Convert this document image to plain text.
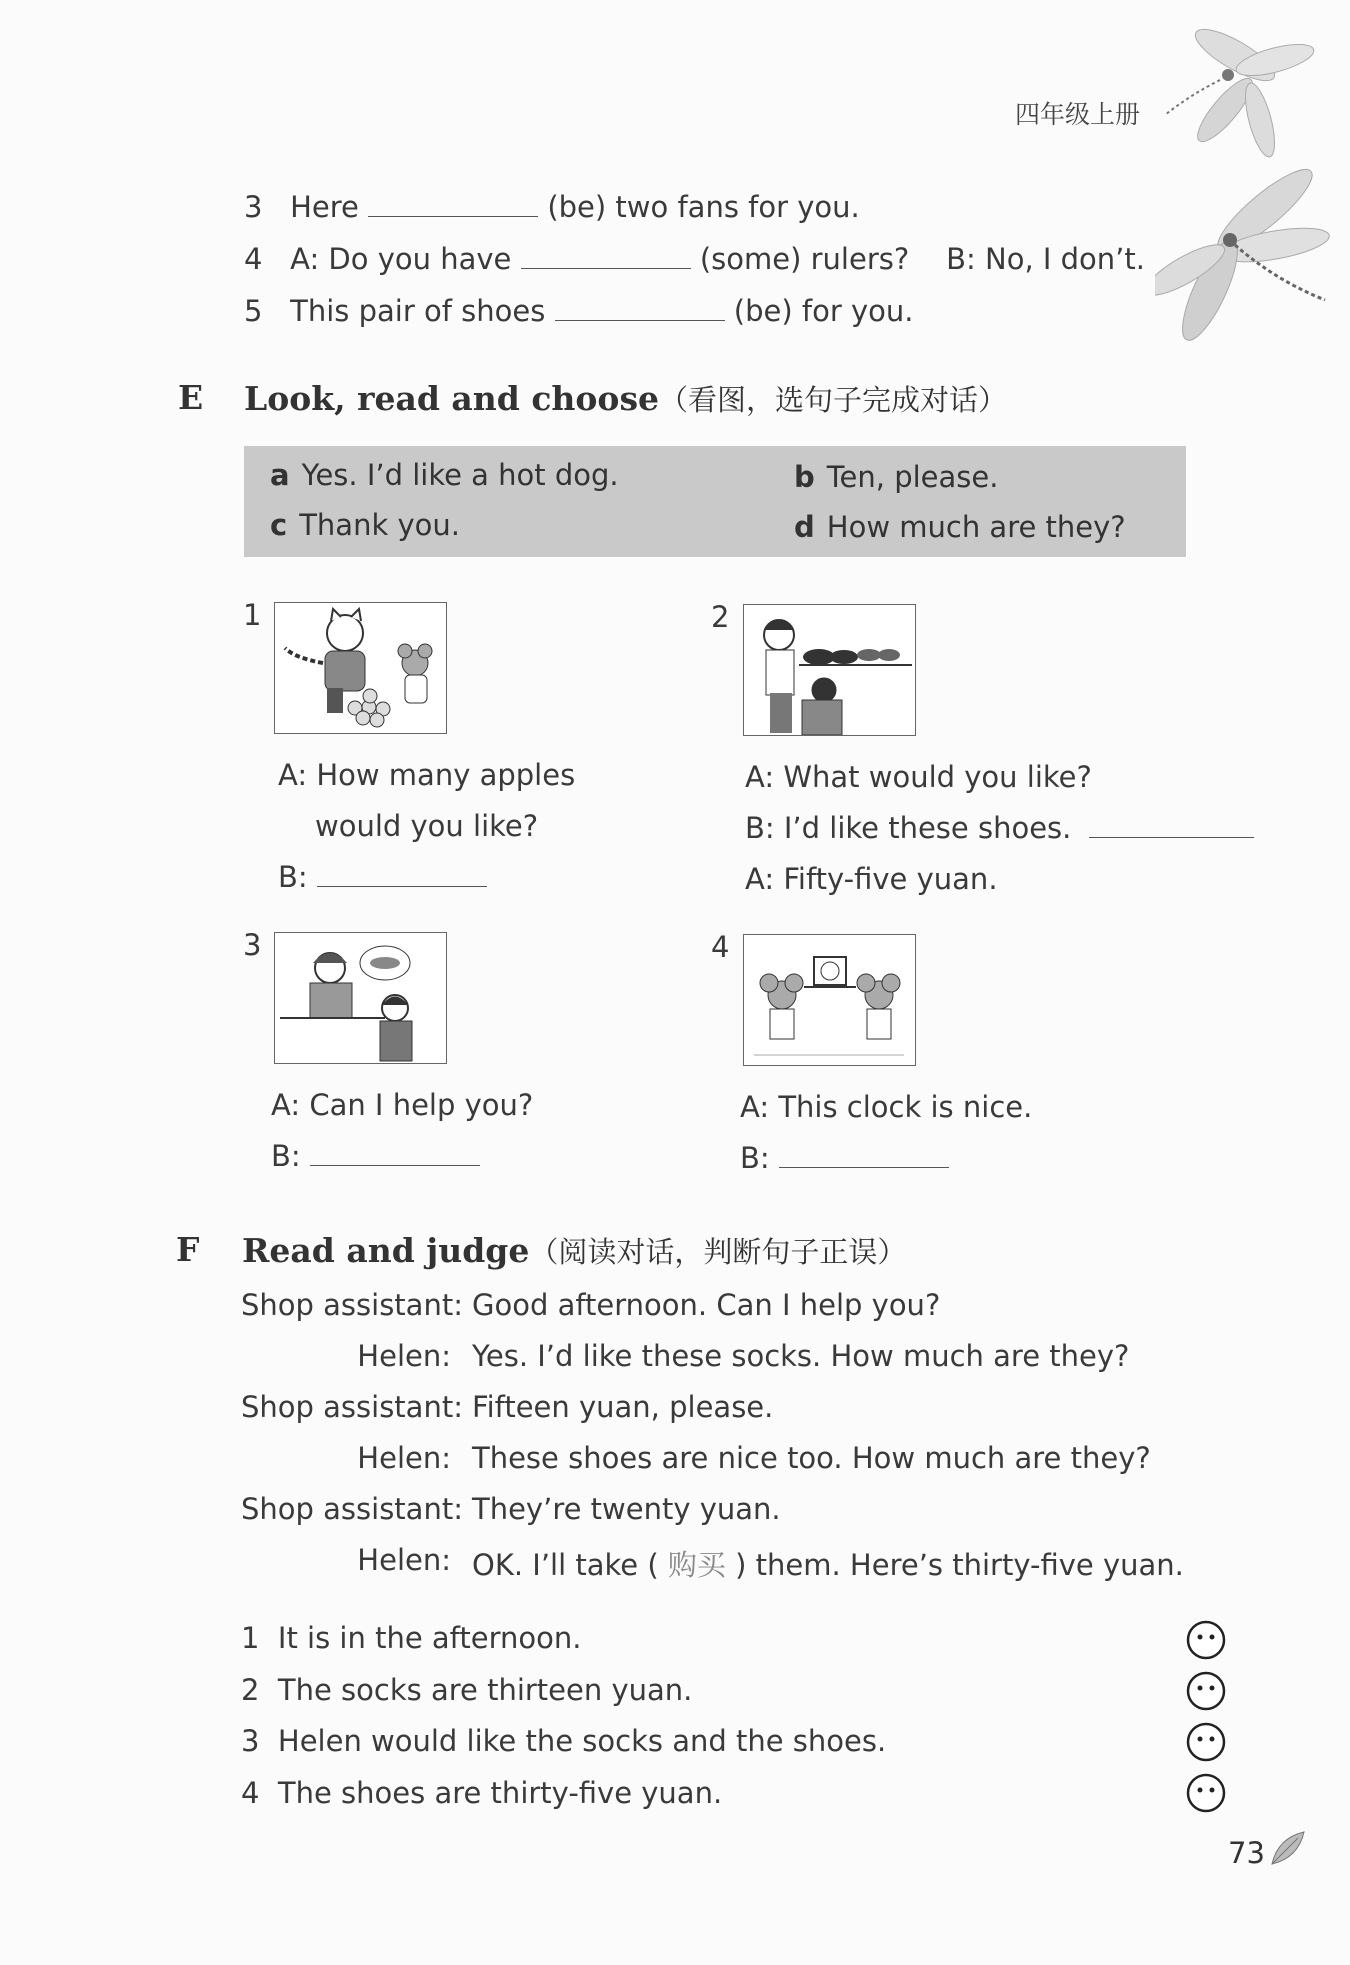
四年级上册
3 Here	(be) two fans for you.
4 A: Do you have	(some) rulers? B: No, I don’t.
5 This pair of shoes	(be) for you.
E Look, read and choose（看图，选句子完成对话）
a Yes. I’d like a hot dog.	b Ten, please.
c Thank you.	d How much are they?
1
A: How many apples
would you like?
B:
2
A: What would you like?
B: I’d like these shoes.
A: Fifty-five yuan.
3
A: Can I help you?
B:
4
A: This clock is nice.
B:
F Read and judge（阅读对话，判断句子正误）
Shop assistant: Good afternoon. Can I help you?
Helen: Yes. I’d like these socks. How much are they?
Shop assistant: Fifteen yuan, please.
Helen: These shoes are nice too. How much are they?
Shop assistant: They’re twenty yuan.
Helen: OK. I’ll take ( 购买 ) them. Here’s thirty-five yuan.
1 It is in the afternoon.
2 The socks are thirteen yuan.
3 Helen would like the socks and the shoes.
4 The shoes are thirty-five yuan.
73
